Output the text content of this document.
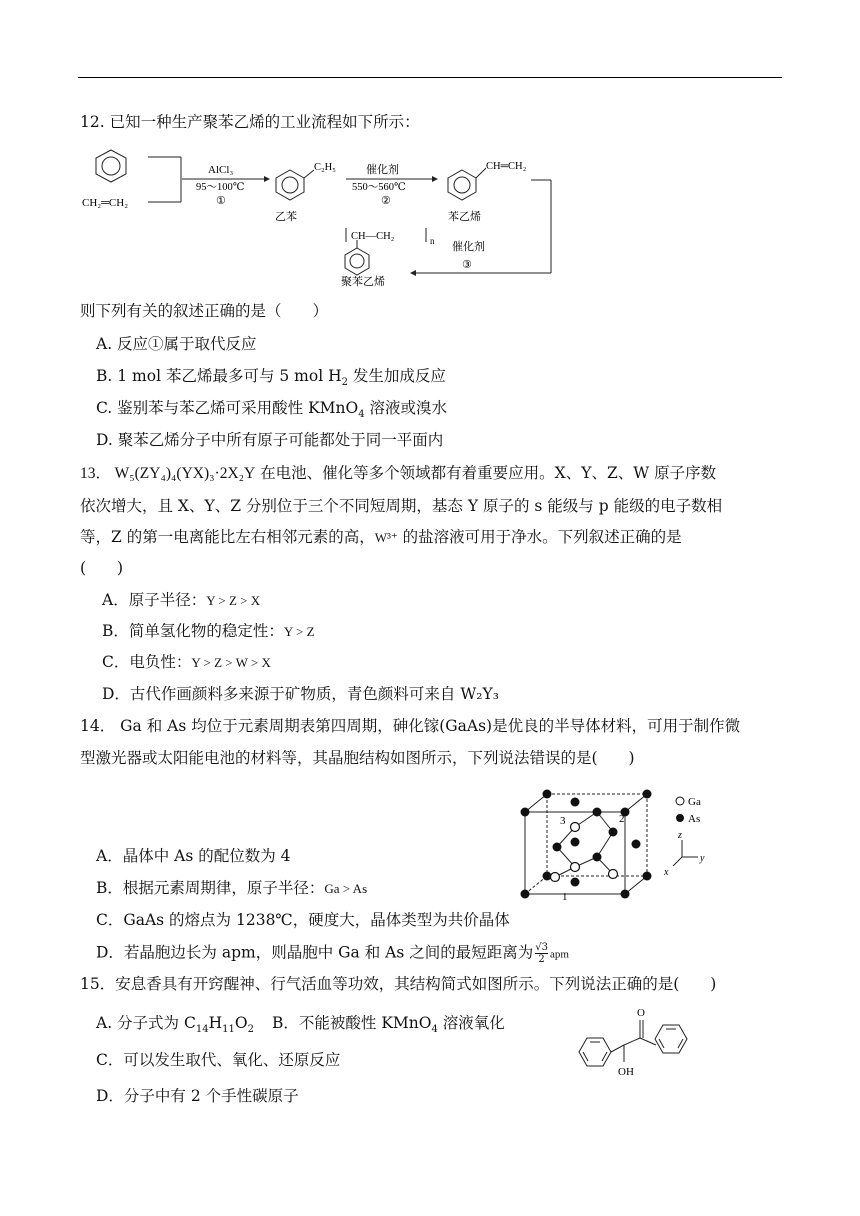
12. 已知一种生产聚苯乙烯的工业流程如下所示：
CH₂═CH₂
AlCl₃
95～100℃
①
C₂H₅
乙苯
催化剂
550～560℃
②
CH═CH₂
苯乙烯
催化剂
③
CH—CH₂	n
聚苯乙烯
则下列有关的叙述正确的是（　　）
A. 反应①属于取代反应
B. 1 mol 苯乙烯最多可与 5 mol $H_2$ 发生加成反应
C. 鉴别苯与苯乙烯可采用酸性 KMnO$_4$ 溶液或溴水
D. 聚苯乙烯分子中所有原子可能都处于同一平面内
13． W₅(ZY₄)₄(YX)₃·2X₂Y 在电池、催化等多个领域都有着重要应用。X、Y、Z、W 原子序数
依次增大，且 X、Y、Z 分别位于三个不同短周期，基态 Y 原子的 s 能级与 p 能级的电子数相
等，Z 的第一电离能比左右相邻元素的高，W³⁺ 的盐溶液可用于净水。下列叙述正确的是
(　　)
A．原子半径：Y > Z > X
B．简单氢化物的稳定性：Y > Z
C．电负性：Y > Z > W > X
D．古代作画颜料多来源于矿物质，青色颜料可来自 W₂Y₃
14． Ga 和 As 均位于元素周期表第四周期，砷化镓(GaAs)是优良的半导体材料，可用于制作微
型激光器或太阳能电池的材料等，其晶胞结构如图所示，下列说法错误的是(　　)
3	2
1
Ga
As
z
y
x
A．晶体中 As 的配位数为 4
B．根据元素周期律，原子半径：Ga > As
C．GaAs 的熔点为 1238℃，硬度大，晶体类型为共价晶体
D．若晶胞边长为 apm，则晶胞中 Ga 和 As 之间的最短距离为 $\frac{√3}{2}$ apm
15．安息香具有开窍醒神、行气活血等功效，其结构简式如图所示。下列说法正确的是(　　)
A. 分子式为 $C_{14}H_{11}O_2$ B．不能被酸性 KMnO$_4$ 溶液氧化
O
OH
C．可以发生取代、氧化、还原反应
D．分子中有 2 个手性碳原子
